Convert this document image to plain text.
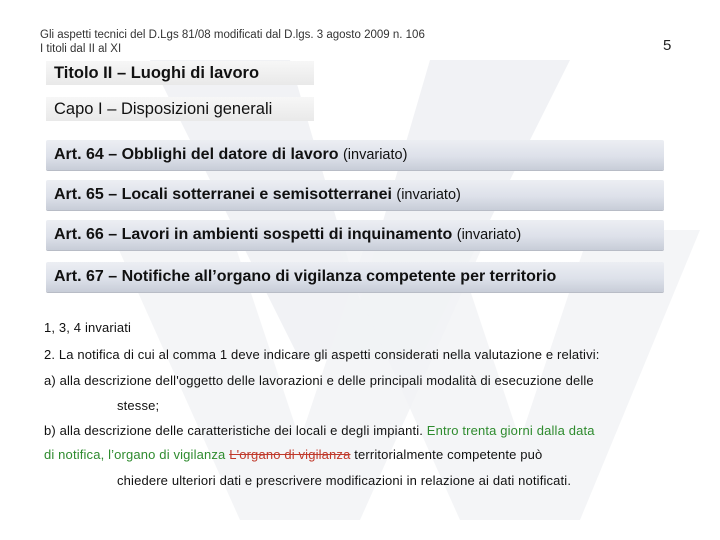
Gli aspetti tecnici del D.Lgs 81/08 modificati dal D.lgs. 3 agosto 2009 n. 106
I titoli dal II al XI	5
Titolo II – Luoghi di lavoro
Capo I – Disposizioni generali
Art. 64 – Obblighi del datore di lavoro (invariato)
Art. 65 – Locali sotterranei e semisotterranei (invariato)
Art. 66 – Lavori in ambienti sospetti di inquinamento (invariato)
Art. 67 – Notifiche all’organo di vigilanza competente per territorio
1, 3, 4 invariati
2. La notifica di cui al comma 1 deve indicare gli aspetti considerati nella valutazione e relativi:
a) alla descrizione dell'oggetto delle lavorazioni e delle principali modalità di esecuzione delle
stesse;
b) alla descrizione delle caratteristiche dei locali e degli impianti. Entro trenta giorni dalla data
di notifica, l’organo di vigilanza L'organo di vigilanza territorialmente competente può
chiedere ulteriori dati e prescrivere modificazioni in relazione ai dati notificati.
